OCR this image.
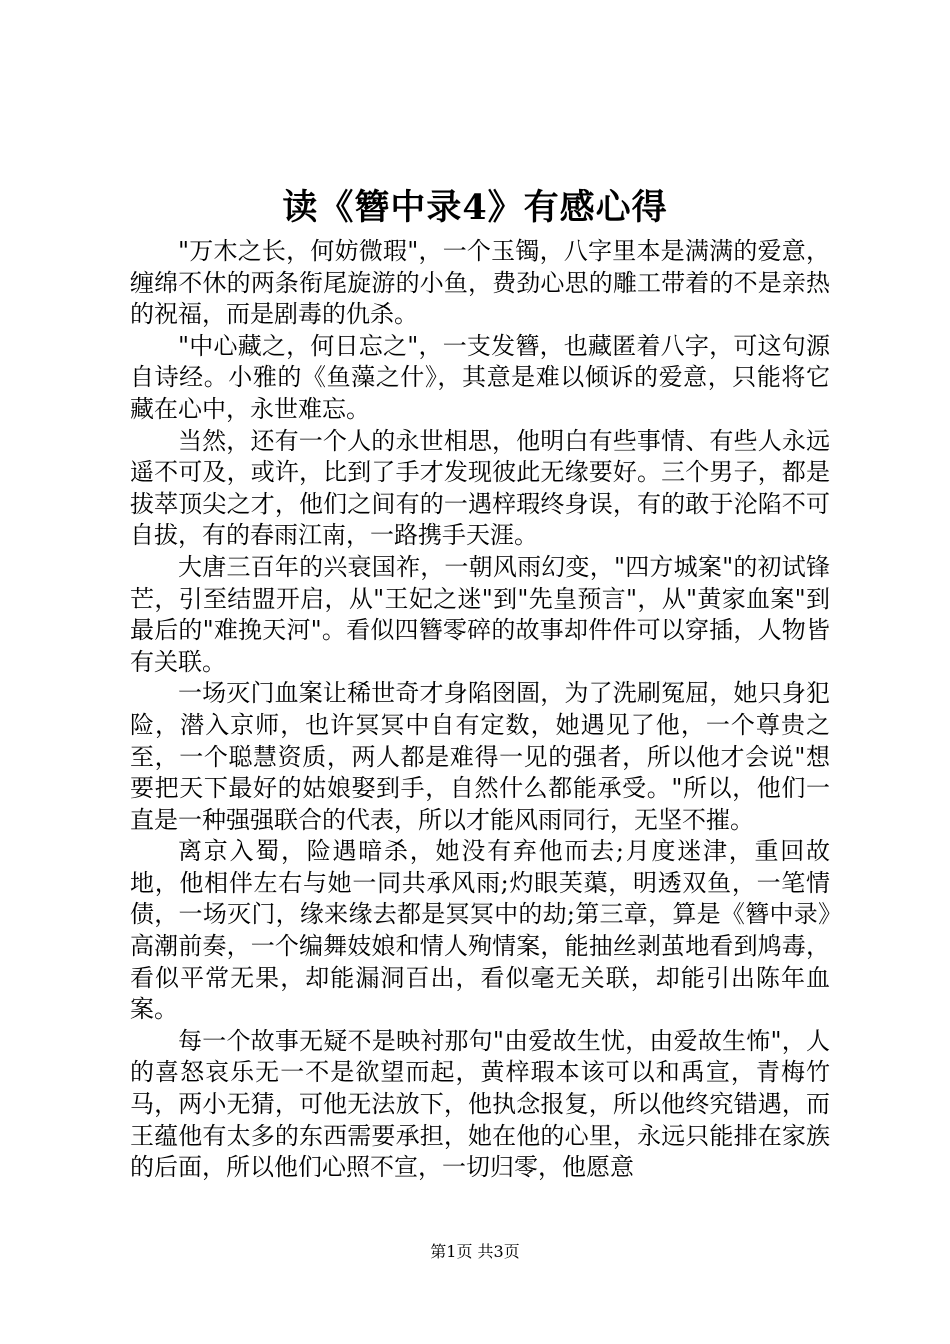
读《簪中录4》有感心得

"万木之长，何妨微瑕"，一个玉镯，八字里本是满满的爱意，缠绵不休的两条衔尾旋游的小鱼，费劲心思的雕工带着的不是亲热的祝福，而是剧毒的仇杀。

"中心藏之，何日忘之"，一支发簪，也藏匿着八字，可这句源自诗经。小雅的《鱼藻之什》，其意是难以倾诉的爱意，只能将它藏在心中，永世难忘。

当然，还有一个人的永世相思，他明白有些事情、有些人永远遥不可及，或许，比到了手才发现彼此无缘要好。三个男子，都是拔萃顶尖之才，他们之间有的一遇梓瑕终身误，有的敢于沦陷不可自拔，有的春雨江南，一路携手天涯。

大唐三百年的兴衰国祚，一朝风雨幻变，"四方城案"的初试锋芒，引至结盟开启，从"王妃之迷"到"先皇预言"，从"黄家血案"到最后的"难挽天河"。看似四簪零碎的故事却件件可以穿插，人物皆有关联。

一场灭门血案让稀世奇才身陷囹圄，为了洗刷冤屈，她只身犯险，潜入京师，也许冥冥中自有定数，她遇见了他，一个尊贵之至，一个聪慧资质，两人都是难得一见的强者，所以他才会说"想要把天下最好的姑娘娶到手，自然什么都能承受。"所以，他们一直是一种强强联合的代表，所以才能风雨同行，无坚不摧。

离京入蜀，险遇暗杀，她没有弃他而去;月度迷津，重回故地，他相伴左右与她一同共承风雨;灼眼芙蕖，明透双鱼，一笔情债，一场灭门，缘来缘去都是冥冥中的劫;第三章，算是《簪中录》高潮前奏，一个编舞妓娘和情人殉情案，能抽丝剥茧地看到鸠毒，看似平常无果，却能漏洞百出，看似毫无关联，却能引出陈年血案。

每一个故事无疑不是映衬那句"由爱故生忧，由爱故生怖"，人的喜怒哀乐无一不是欲望而起，黄梓瑕本该可以和禹宣，青梅竹马，两小无猜，可他无法放下，他执念报复，所以他终究错遇，而王蕴他有太多的东西需要承担，她在他的心里，永远只能排在家族的后面，所以他们心照不宣，一切归零，他愿意

第1页 共3页
